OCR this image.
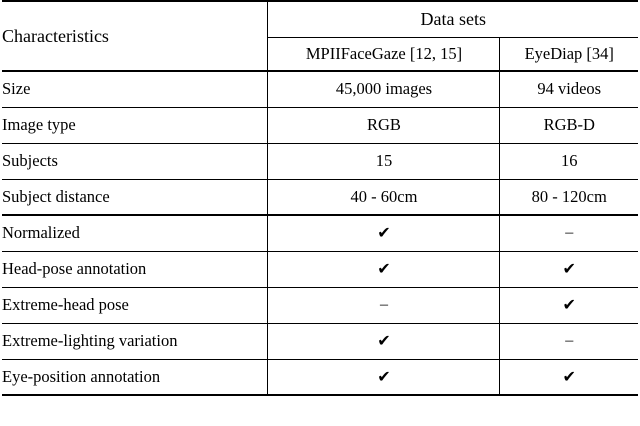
Characteristics	Data sets	
	MPIIFaceGaze [12, 15]	EyeDiap [34]
Size	45,000 images	94 videos
Image type	RGB	RGB-D
Subjects	15	16
Subject distance	40 - 60cm	80 - 120cm
Normalized	✔	–
Head-pose annotation	✔	✔
Extreme-head pose	–	✔
Extreme-lighting variation	✔	–
Eye-position annotation	✔	✔
